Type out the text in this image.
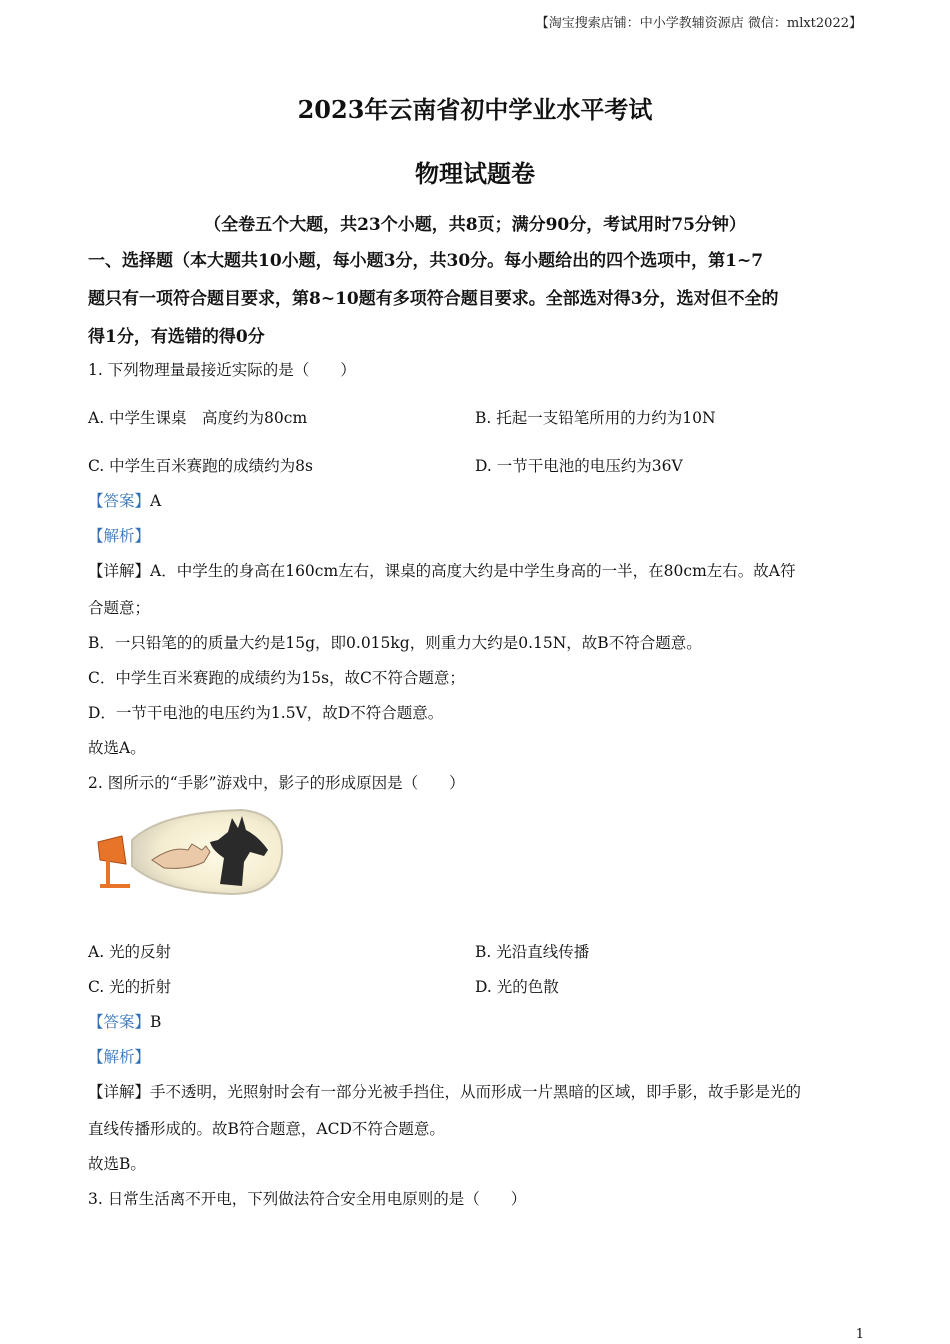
【淘宝搜索店铺：中小学教辅资源店 微信：mlxt2022】
2023年云南省初中学业水平考试
物理试题卷
（全卷五个大题，共23个小题，共8页；满分90分，考试用时75分钟）
一、选择题（本大题共10小题，每小题3分，共30分。每小题给出的四个选项中，第1~7
题只有一项符合题目要求，第8~10题有多项符合题目要求。全部选对得3分，选对但不全的
得1分，有选错的得0分
1. 下列物理量最接近实际的是（　　）
A. 中学生课桌　高度约为80cm	B. 托起一支铅笔所用的力约为10N
C. 中学生百米赛跑的成绩约为8s	D. 一节干电池的电压约为36V
【答案】A
【解析】
【详解】A．中学生的身高在160cm左右，课桌的高度大约是中学生身高的一半，在80cm左右。故A符
合题意；
B．一只铅笔的的质量大约是15g，即0.015kg，则重力大约是0.15N，故B不符合题意。
C．中学生百米赛跑的成绩约为15s，故C不符合题意；
D．一节干电池的电压约为1.5V，故D不符合题意。
故选A。
2. 图所示的“手影”游戏中，影子的形成原因是（　　）
A. 光的反射	B. 光沿直线传播
C. 光的折射	D. 光的色散
【答案】B
【解析】
【详解】手不透明，光照射时会有一部分光被手挡住，从而形成一片黑暗的区域，即手影，故手影是光的
直线传播形成的。故B符合题意，ACD不符合题意。
故选B。
3. 日常生活离不开电，下列做法符合安全用电原则的是（　　）
1
